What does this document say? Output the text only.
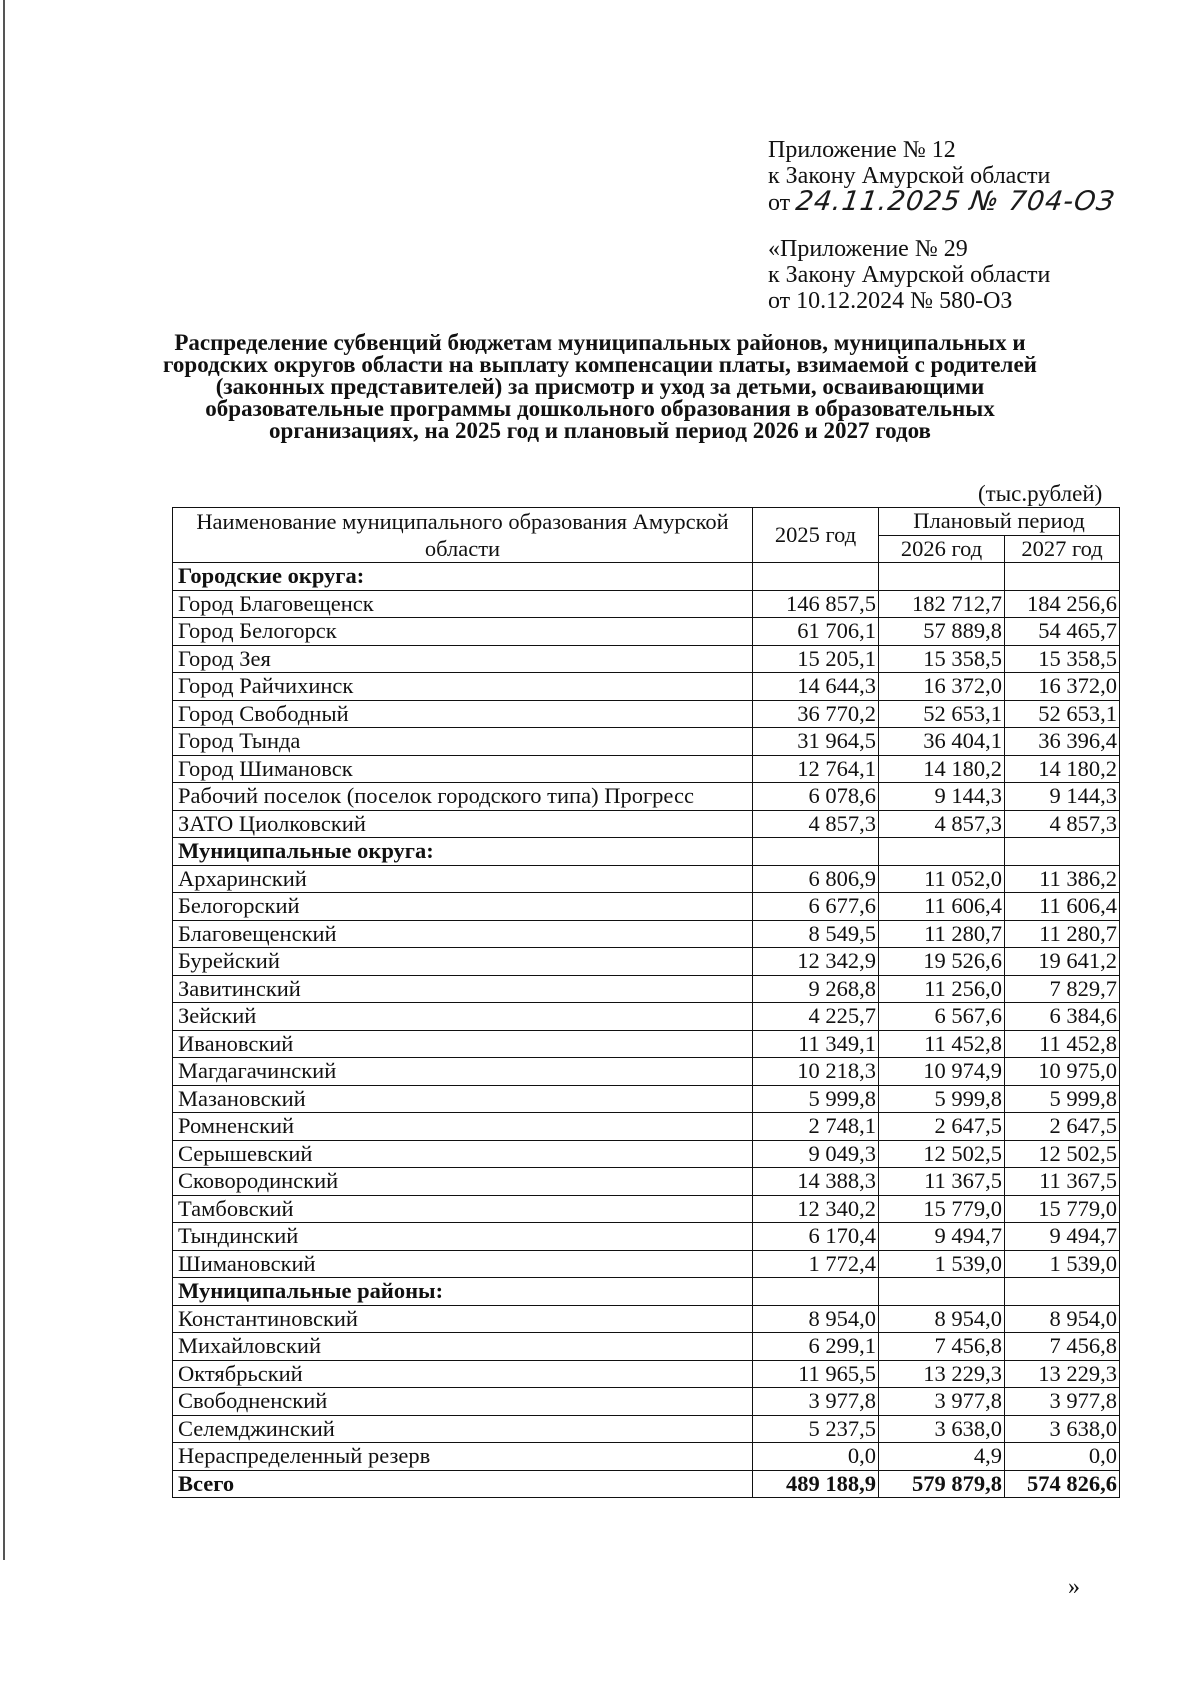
Приложение № 12
к Закону Амурской области
от 24.11.2025 № 704-ОЗ
«Приложение № 29
к Закону Амурской области
от 10.12.2024 № 580-ОЗ
Распределение субвенций бюджетам муниципальных районов, муниципальных и городских округов области на выплату компенсации платы, взимаемой с родителей (законных представителей) за присмотр и уход за детьми, осваивающими образовательные программы дошкольного образования в образовательных организациях, на 2025 год и плановый период 2026 и 2027 годов
(тыс.рублей)
Наименование муниципального образования Амурской области	2025 год	Плановый период	
		2026 год	2027 год
Городские округа:			
Город Благовещенск	146 857,5	182 712,7	184 256,6
Город Белогорск	61 706,1	57 889,8	54 465,7
Город Зея	15 205,1	15 358,5	15 358,5
Город Райчихинск	14 644,3	16 372,0	16 372,0
Город Свободный	36 770,2	52 653,1	52 653,1
Город Тында	31 964,5	36 404,1	36 396,4
Город Шимановск	12 764,1	14 180,2	14 180,2
Рабочий поселок (поселок городского типа) Прогресс	6 078,6	9 144,3	9 144,3
ЗАТО Циолковский	4 857,3	4 857,3	4 857,3
Муниципальные округа:			
Архаринский	6 806,9	11 052,0	11 386,2
Белогорский	6 677,6	11 606,4	11 606,4
Благовещенский	8 549,5	11 280,7	11 280,7
Бурейский	12 342,9	19 526,6	19 641,2
Завитинский	9 268,8	11 256,0	7 829,7
Зейский	4 225,7	6 567,6	6 384,6
Ивановский	11 349,1	11 452,8	11 452,8
Магдагачинский	10 218,3	10 974,9	10 975,0
Мазановский	5 999,8	5 999,8	5 999,8
Ромненский	2 748,1	2 647,5	2 647,5
Серышевский	9 049,3	12 502,5	12 502,5
Сковородинский	14 388,3	11 367,5	11 367,5
Тамбовский	12 340,2	15 779,0	15 779,0
Тындинский	6 170,4	9 494,7	9 494,7
Шимановский	1 772,4	1 539,0	1 539,0
Муниципальные районы:			
Константиновский	8 954,0	8 954,0	8 954,0
Михайловский	6 299,1	7 456,8	7 456,8
Октябрьский	11 965,5	13 229,3	13 229,3
Свободненский	3 977,8	3 977,8	3 977,8
Селемджинский	5 237,5	3 638,0	3 638,0
Нераспределенный резерв	0,0	4,9	0,0
Всего	489 188,9	579 879,8	574 826,6
»
